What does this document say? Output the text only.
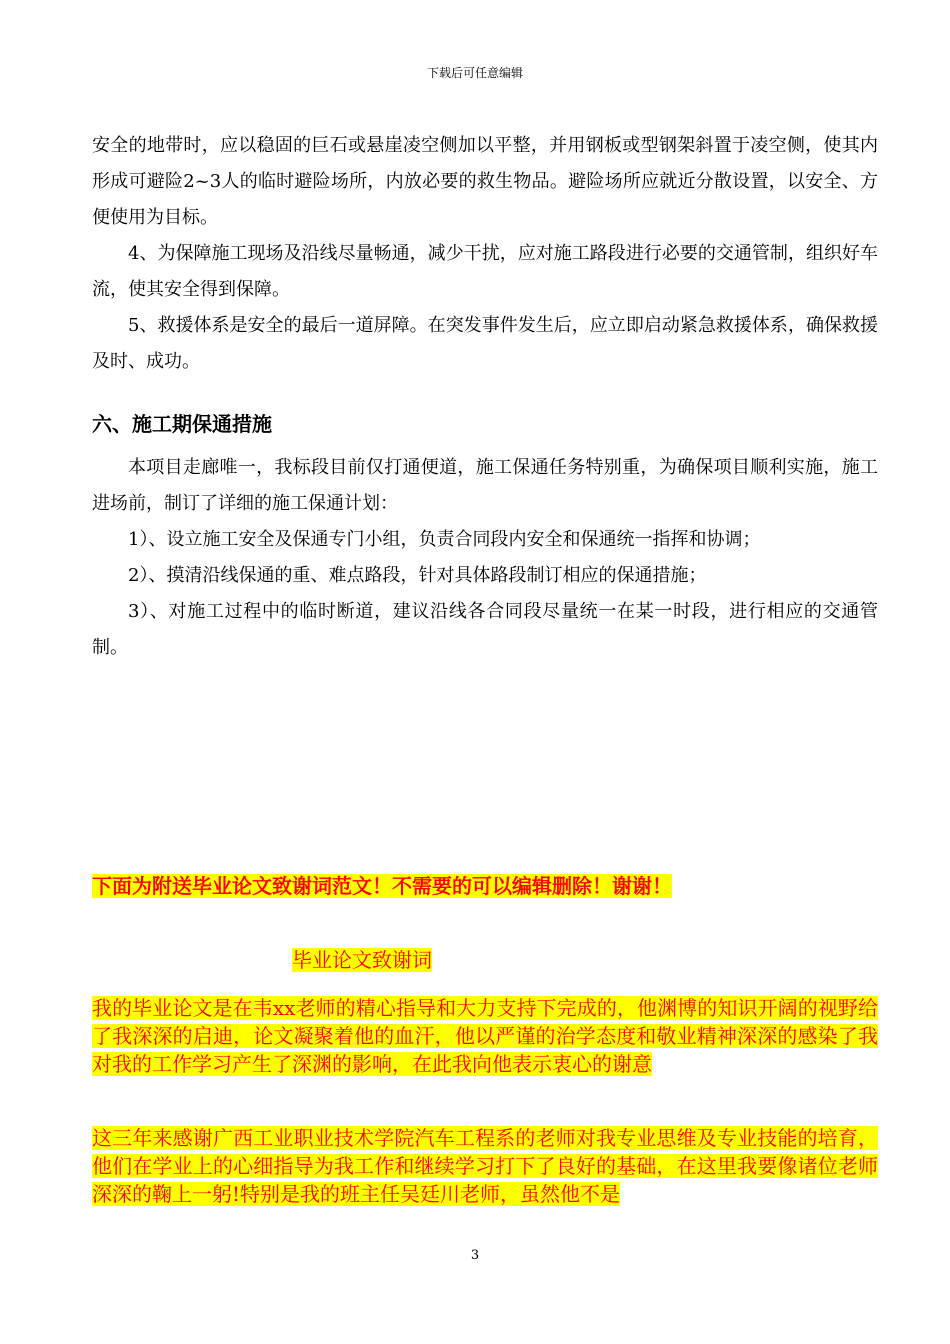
下载后可任意编辑

安全的地带时，应以稳固的巨石或悬崖凌空侧加以平整，并用钢板或型钢架斜置于凌空侧，使其内形成可避险2~3人的临时避险场所，内放必要的救生物品。避险场所应就近分散设置，以安全、方便使用为目标。

4、为保障施工现场及沿线尽量畅通，减少干扰，应对施工路段进行必要的交通管制，组织好车流，使其安全得到保障。

5、救援体系是安全的最后一道屏障。在突发事件发生后，应立即启动紧急救援体系，确保救援及时、成功。

六、施工期保通措施

本项目走廊唯一，我标段目前仅打通便道，施工保通任务特别重，为确保项目顺利实施，施工进场前，制订了详细的施工保通计划：

1）、设立施工安全及保通专门小组，负责合同段内安全和保通统一指挥和协调；

2）、摸清沿线保通的重、难点路段，针对具体路段制订相应的保通措施；

3）、对施工过程中的临时断道，建议沿线各合同段尽量统一在某一时段，进行相应的交通管制。

下面为附送毕业论文致谢词范文！不需要的可以编辑删除！谢谢！
毕业论文致谢词

我的毕业论文是在韦xx老师的精心指导和大力支持下完成的，他渊博的知识开阔的视野给了我深深的启迪，论文凝聚着他的血汗，他以严谨的治学态度和敬业精神深深的感染了我对我的工作学习产生了深渊的影响，在此我向他表示衷心的谢意

这三年来感谢广西工业职业技术学院汽车工程系的老师对我专业思维及专业技能的培育，他们在学业上的心细指导为我工作和继续学习打下了良好的基础，在这里我要像诸位老师深深的鞠上一躬!特别是我的班主任吴廷川老师，虽然他不是

3
